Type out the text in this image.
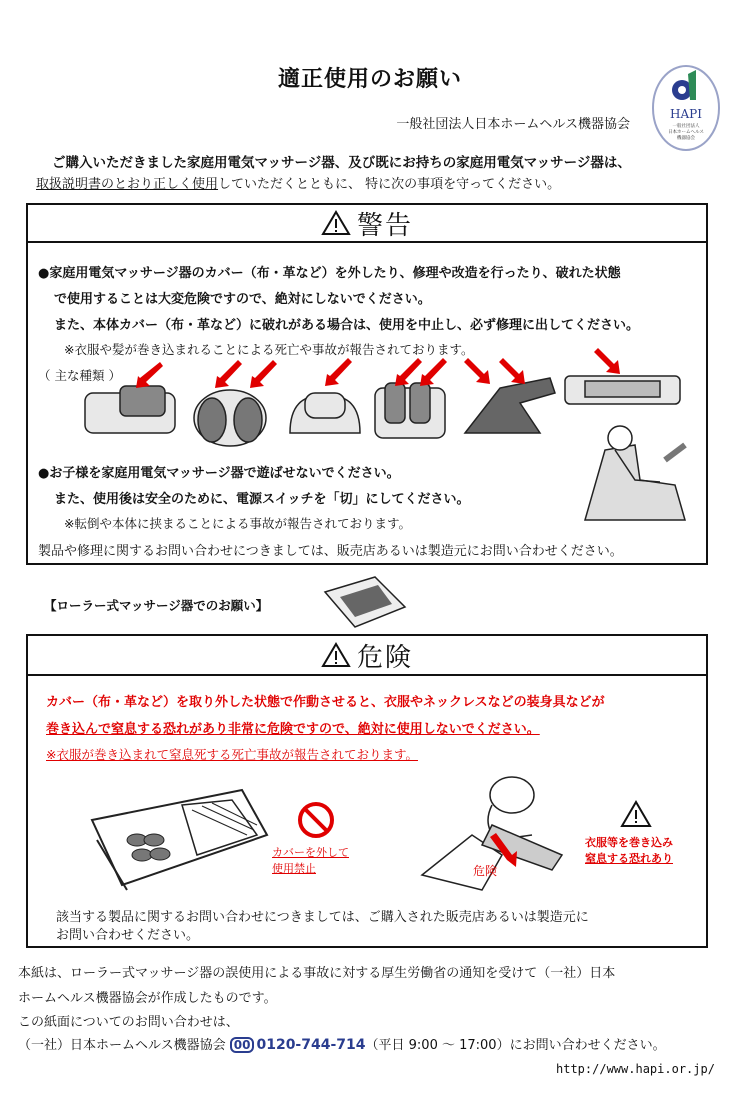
適正使用のお願い
一般社団法人日本ホームヘルス機器協会
HAPI
一般社団法人
日本ホームヘルス
機器協会
ご購入いただきました家庭用電気マッサージ器、及び既にお持ちの家庭用電気マッサージ器は、
取扱説明書のとおり正しく使用していただくとともに、 特に次の事項を守ってください。
警告
●家庭用電気マッサージ器のカバー（布・革など）を外したり、修理や改造を行ったり、破れた状態
で使用することは大変危険ですので、絶対にしないでください。
また、本体カバー（布・革など）に破れがある場合は、使用を中止し、必ず修理に出してください。
※衣服や髪が巻き込まれることによる死亡や事故が報告されております。
（ 主な種類 ）
●お子様を家庭用電気マッサージ器で遊ばせないでください。
また、使用後は安全のために、電源スイッチを「切」にしてください。
※転倒や本体に挟まることによる事故が報告されております。
製品や修理に関するお問い合わせにつきましては、販売店あるいは製造元にお問い合わせください。
【ローラー式マッサージ器でのお願い】
危険
カバー（布・革など）を取り外した状態で作動させると、衣服やネックレスなどの装身具などが
巻き込んで窒息する恐れがあり非常に危険ですので、絶対に使用しないでください。
※衣服が巻き込まれて窒息死する死亡事故が報告されております。
カバーを外して
使用禁止	危険
衣服等を巻き込み
窒息する恐れあり
該当する製品に関するお問い合わせにつきましては、ご購入された販売店あるいは製造元に
お問い合わせください。
本紙は、ローラー式マッサージ器の誤使用による事故に対する厚生労働省の通知を受けて（一社）日本
ホームヘルス機器協会が作成したものです。
この紙面についてのお問い合わせは、
（一社）日本ホームヘルス機器協会 00 0120-744-714（平日 9:00 ～ 17:00）にお問い合わせください。
http://www.hapi.or.jp/
